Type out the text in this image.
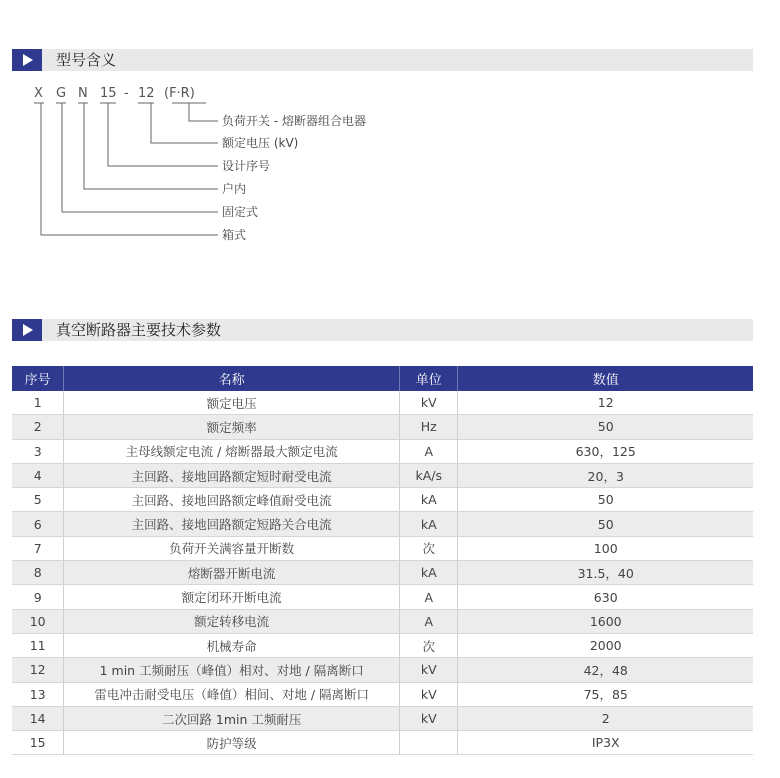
型号含义
X G N 15 - 12 (F·R)
负荷开关 - 熔断器组合电器
额定电压 (kV)
设计序号
户内
固定式
箱式
真空断路器主要技术参数
序号	名称	单位	数值
1	额定电压	kV	12
2	额定频率	Hz	50
3	主母线额定电流 / 熔断器最大额定电流	A	630，125
4	主回路、接地回路额定短时耐受电流	kA/s	20，3
5	主回路、接地回路额定峰值耐受电流	kA	50
6	主回路、接地回路额定短路关合电流	kA	50
7	负荷开关满容量开断数	次	100
8	熔断器开断电流	kA	31.5，40
9	额定闭环开断电流	A	630
10	额定转移电流	A	1600
11	机械寿命	次	2000
12	1 min 工频耐压（峰值）相对、对地 / 隔离断口	kV	42，48
13	雷电冲击耐受电压（峰值）相间、对地 / 隔离断口	kV	75，85
14	二次回路 1min 工频耐压	kV	2
15	防护等级		IP3X
